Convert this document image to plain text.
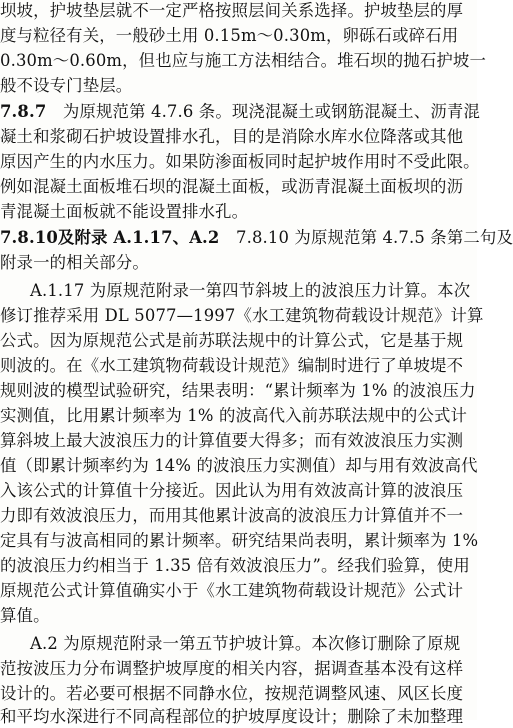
坝坡，护坡垫层就不一定严格按照层间关系选择。护坡垫层的厚
度与粒径有关，一般砂土用 0.15m～0.30m，卵砾石或碎石用
0.30m～0.60m，但也应与施工方法相结合。堆石坝的抛石护坡一
般不设专门垫层。
7.8.7　为原规范第 4.7.6 条。现浇混凝土或钢筋混凝土、沥青混
凝土和浆砌石护坡设置排水孔，目的是消除水库水位降落或其他
原因产生的内水压力。如果防渗面板同时起护坡作用时不受此限。
例如混凝土面板堆石坝的混凝土面板，或沥青混凝土面板坝的沥
青混凝土面板就不能设置排水孔。
7.8.10及附录 A.1.17、A.2　7.8.10 为原规范第 4.7.5 条第二句及
附录一的相关部分。
A.1.17 为原规范附录一第四节斜坡上的波浪压力计算。本次
修订推荐采用 DL 5077—1997《水工建筑物荷载设计规范》计算
公式。因为原规范公式是前苏联法规中的计算公式，它是基于规
则波的。在《水工建筑物荷载设计规范》编制时进行了单坡堤不
规则波的模型试验研究，结果表明：“累计频率为 1% 的波浪压力
实测值，比用累计频率为 1% 的波高代入前苏联法规中的公式计
算斜坡上最大波浪压力的计算值要大得多；而有效波浪压力实测
值（即累计频率约为 14% 的波浪压力实测值）却与用有效波高代
入该公式的计算值十分接近。因此认为用有效波高计算的波浪压
力即有效波浪压力，而用其他累计波高的波浪压力计算值并不一
定具有与波高相同的累计频率。研究结果尚表明，累计频率为 1%
的波浪压力约相当于 1.35 倍有效波浪压力”。经我们验算，使用
原规范公式计算值确实小于《水工建筑物荷载设计规范》公式计
算值。
A.2 为原规范附录一第五节护坡计算。本次修订删除了原规
范按波压力分布调整护坡厚度的相关内容，据调查基本没有这样
设计的。若必要可根据不同静水位，按规范调整风速、风区长度
和平均水深进行不同高程部位的护坡厚度设计；删除了未加整理
